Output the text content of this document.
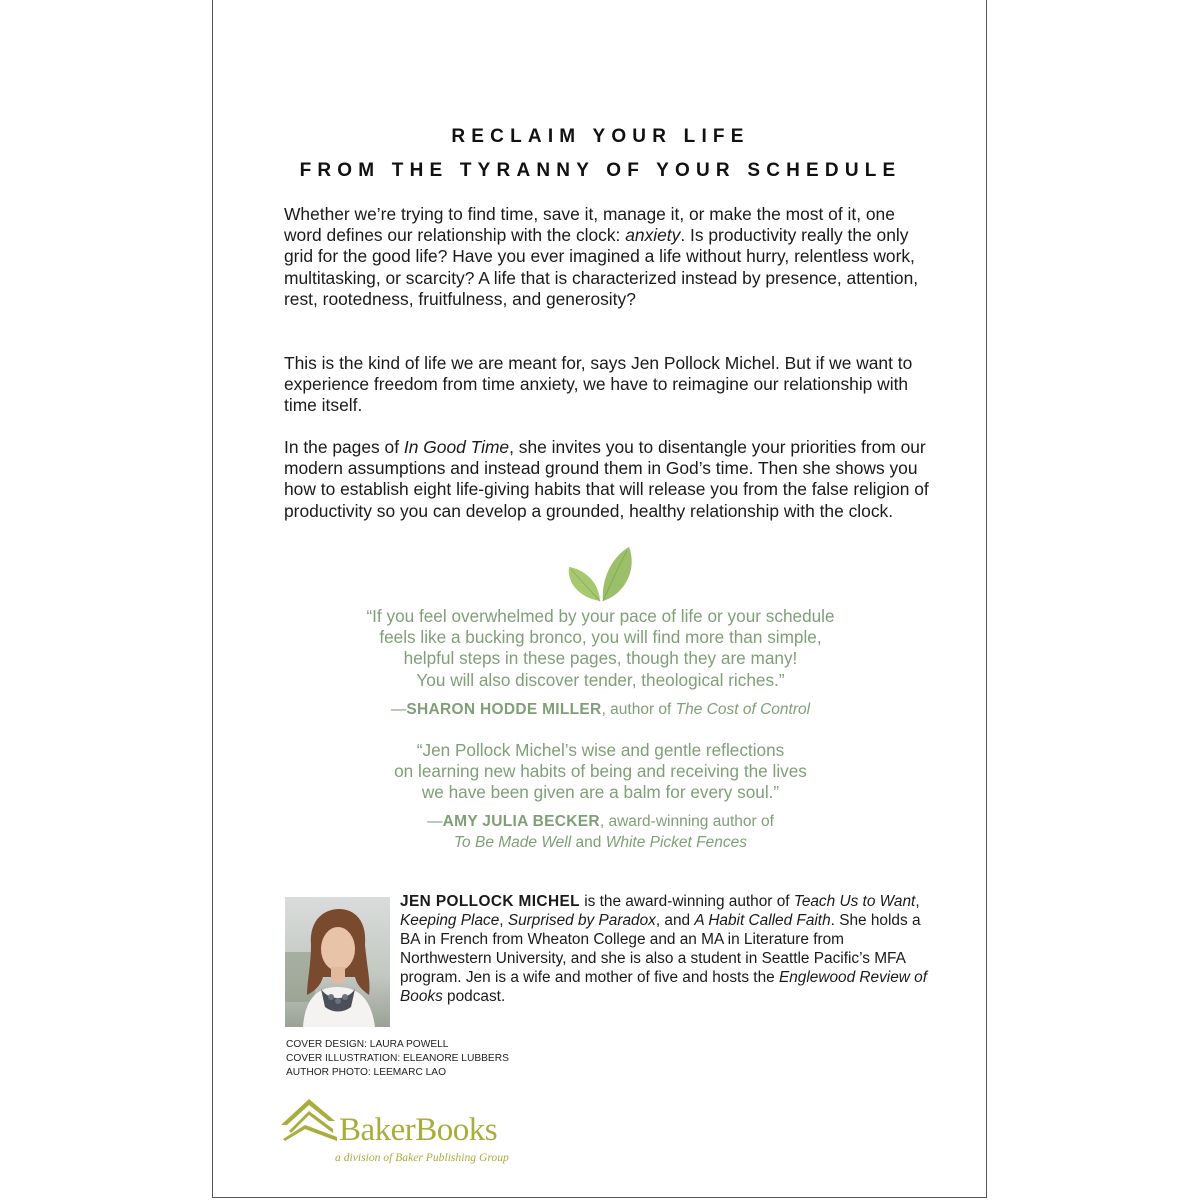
RECLAIM YOUR LIFE
FROM THE TYRANNY OF YOUR SCHEDULE

Whether we’re trying to find time, save it, manage it, or make the most of it, one word defines our relationship with the clock: anxiety. Is productivity really the only grid for the good life? Have you ever imagined a life without hurry, relentless work, multitasking, or scarcity? A life that is characterized instead by presence, attention, rest, rootedness, fruitfulness, and generosity?

This is the kind of life we are meant for, says Jen Pollock Michel. But if we want to experience freedom from time anxiety, we have to reimagine our relationship with time itself.

In the pages of In Good Time, she invites you to disentangle your priorities from our modern assumptions and instead ground them in God’s time. Then she shows you how to establish eight life-giving habits that will release you from the false religion of productivity so you can develop a grounded, healthy relationship with the clock.

“If you feel overwhelmed by your pace of life or your schedule
feels like a bucking bronco, you will find more than simple,
helpful steps in these pages, though they are many!
You will also discover tender, theological riches.”

—SHARON HODDE MILLER, author of The Cost of Control

“Jen Pollock Michel’s wise and gentle reflections
on learning new habits of being and receiving the lives
we have been given are a balm for every soul.”

—AMY JULIA BECKER, award-winning author of
To Be Made Well and White Picket Fences

JEN POLLOCK MICHEL is the award-winning author of Teach Us to Want, Keeping Place, Surprised by Paradox, and A Habit Called Faith. She holds a BA in French from Wheaton College and an MA in Literature from Northwestern University, and she is also a student in Seattle Pacific’s MFA program. Jen is a wife and mother of five and hosts the Englewood Review of Books podcast.

COVER DESIGN: LAURA POWELL
COVER ILLUSTRATION: ELEANORE LUBBERS
AUTHOR PHOTO: LEEMARC LAO
BakerBooks
a division of Baker Publishing Group
